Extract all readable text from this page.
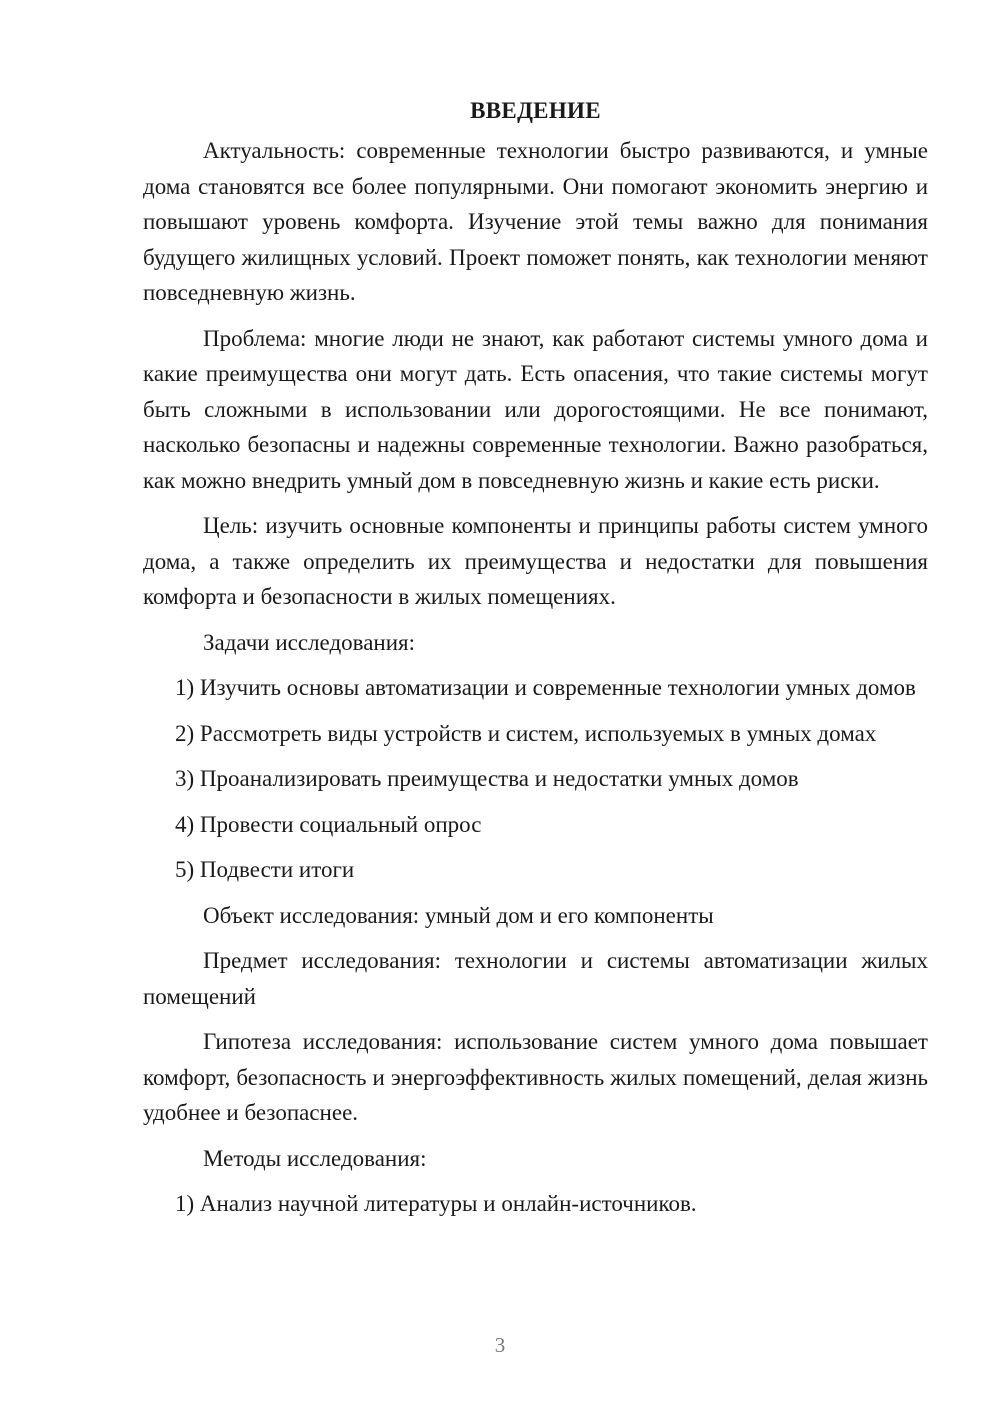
ВВЕДЕНИЕ

Актуальность: современные технологии быстро развиваются, и умные дома становятся все более популярными. Они помогают экономить энергию и повышают уровень комфорта. Изучение этой темы важно для понимания будущего жилищных условий. Проект поможет понять, как технологии меняют повседневную жизнь.

Проблема: многие люди не знают, как работают системы умного дома и какие преимущества они могут дать. Есть опасения, что такие системы могут быть сложными в использовании или дорогостоящими. Не все понимают, насколько безопасны и надежны современные технологии. Важно разобраться, как можно внедрить умный дом в повседневную жизнь и какие есть риски.

Цель: изучить основные компоненты и принципы работы систем умного дома, а также определить их преимущества и недостатки для повышения комфорта и безопасности в жилых помещениях.

Задачи исследования:

1) Изучить основы автоматизации и современные технологии умных домов

2) Рассмотреть виды устройств и систем, используемых в умных домах

3) Проанализировать преимущества и недостатки умных домов

4) Провести социальный опрос

5) Подвести итоги

Объект исследования: умный дом и его компоненты

Предмет исследования: технологии и системы автоматизации жилых помещений

Гипотеза исследования: использование систем умного дома повышает комфорт, безопасность и энергоэффективность жилых помещений, делая жизнь удобнее и безопаснее.

Методы исследования:

1) Анализ научной литературы и онлайн-источников.

3
